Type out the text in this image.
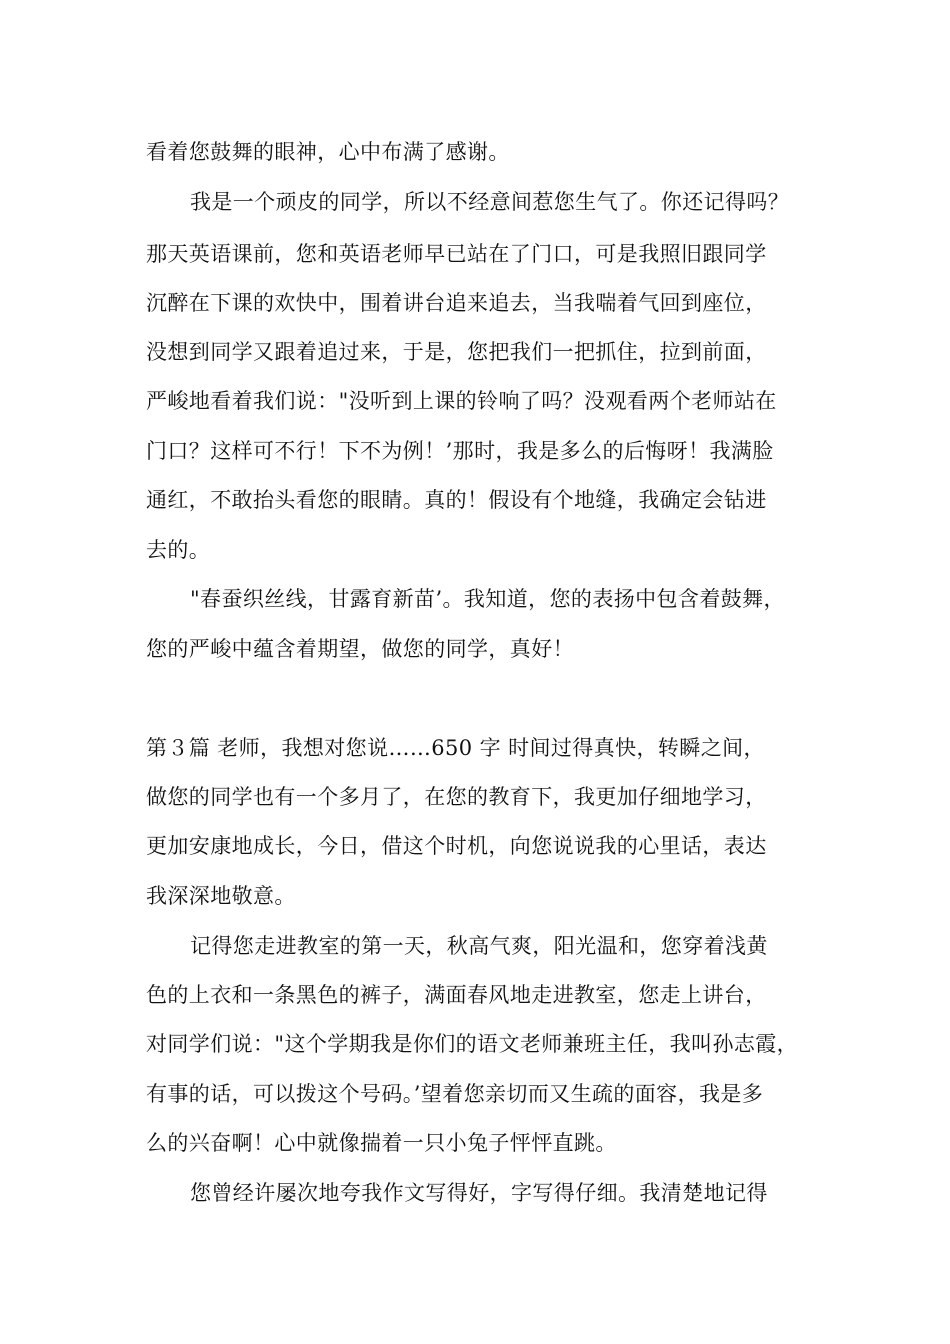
看着您鼓舞的眼神，心中布满了感谢。
我是一个顽皮的同学，所以不经意间惹您生气了。你还记得吗？
那天英语课前，您和英语老师早已站在了门口，可是我照旧跟同学
沉醉在下课的欢快中，围着讲台追来追去，当我喘着气回到座位，
没想到同学又跟着追过来，于是，您把我们一把抓住，拉到前面，
严峻地看着我们说："没听到上课的铃响了吗？没观看两个老师站在
门口？这样可不行！下不为例！’那时，我是多么的后悔呀！我满脸
通红，不敢抬头看您的眼睛。真的！假设有个地缝，我确定会钻进
去的。
"春蚕织丝线，甘露育新苗’。我知道，您的表扬中包含着鼓舞，
您的严峻中蕴含着期望，做您的同学，真好！
第３篇 老师，我想对您说……650 字 时间过得真快，转瞬之间，
做您的同学也有一个多月了，在您的教育下，我更加仔细地学习，
更加安康地成长，今日，借这个时机，向您说说我的心里话，表达
我深深地敬意。
记得您走进教室的第一天，秋高气爽，阳光温和，您穿着浅黄
色的上衣和一条黑色的裤子，满面春风地走进教室，您走上讲台，
对同学们说："这个学期我是你们的语文老师兼班主任，我叫孙志霞，
有事的话，可以拨这个号码。’望着您亲切而又生疏的面容，我是多
么的兴奋啊！心中就像揣着一只小兔子怦怦直跳。
您曾经许屡次地夸我作文写得好，字写得仔细。我清楚地记得
